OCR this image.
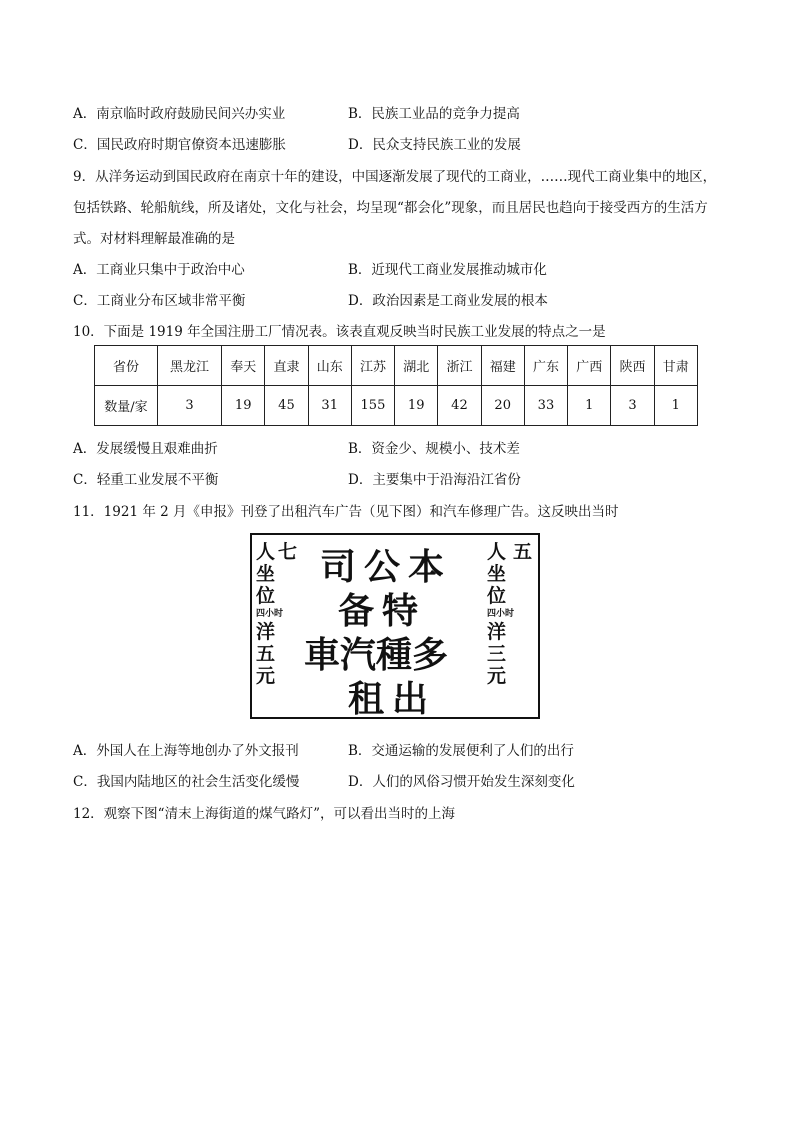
A．南京临时政府鼓励民间兴办实业	B．民族工业品的竞争力提高
C．国民政府时期官僚资本迅速膨胀	D．民众支持民族工业的发展
9．从洋务运动到国民政府在南京十年的建设，中国逐渐发展了现代的工商业，……现代工商业集中的地区，
包括铁路、轮船航线，所及诸处，文化与社会，均呈现“都会化”现象，而且居民也趋向于接受西方的生活方
式。对材料理解最准确的是
A．工商业只集中于政治中心	B．近现代工商业发展推动城市化
C．工商业分布区域非常平衡	D．政治因素是工商业发展的根本
10．下面是 1919 年全国注册工厂情况表。该表直观反映当时民族工业发展的特点之一是
省份	黑龙江	奉天	直隶	山东	江苏	湖北	浙江	福建	广东	广西	陕西	甘肃
数量/家	3	19	45	31	155	19	42	20	33	1	3	1
A．发展缓慢且艰难曲折	B．资金少、规模小、技术差
C．轻重工业发展不平衡	D．主要集中于沿海沿江省份
11．1921 年 2 月《申报》刊登了出租汽车广告（见下图）和汽车修理广告。这反映出当时
人
坐
位
四小时
洋
五
元
七	五
人
坐
位
四小时
洋
三
元
司公本
备特
車汽種多
租出
A．外国人在上海等地创办了外文报刊	B．交通运输的发展便利了人们的出行
C．我国内陆地区的社会生活变化缓慢	D．人们的风俗习惯开始发生深刻变化
12．观察下图“清末上海街道的煤气路灯”，可以看出当时的上海
